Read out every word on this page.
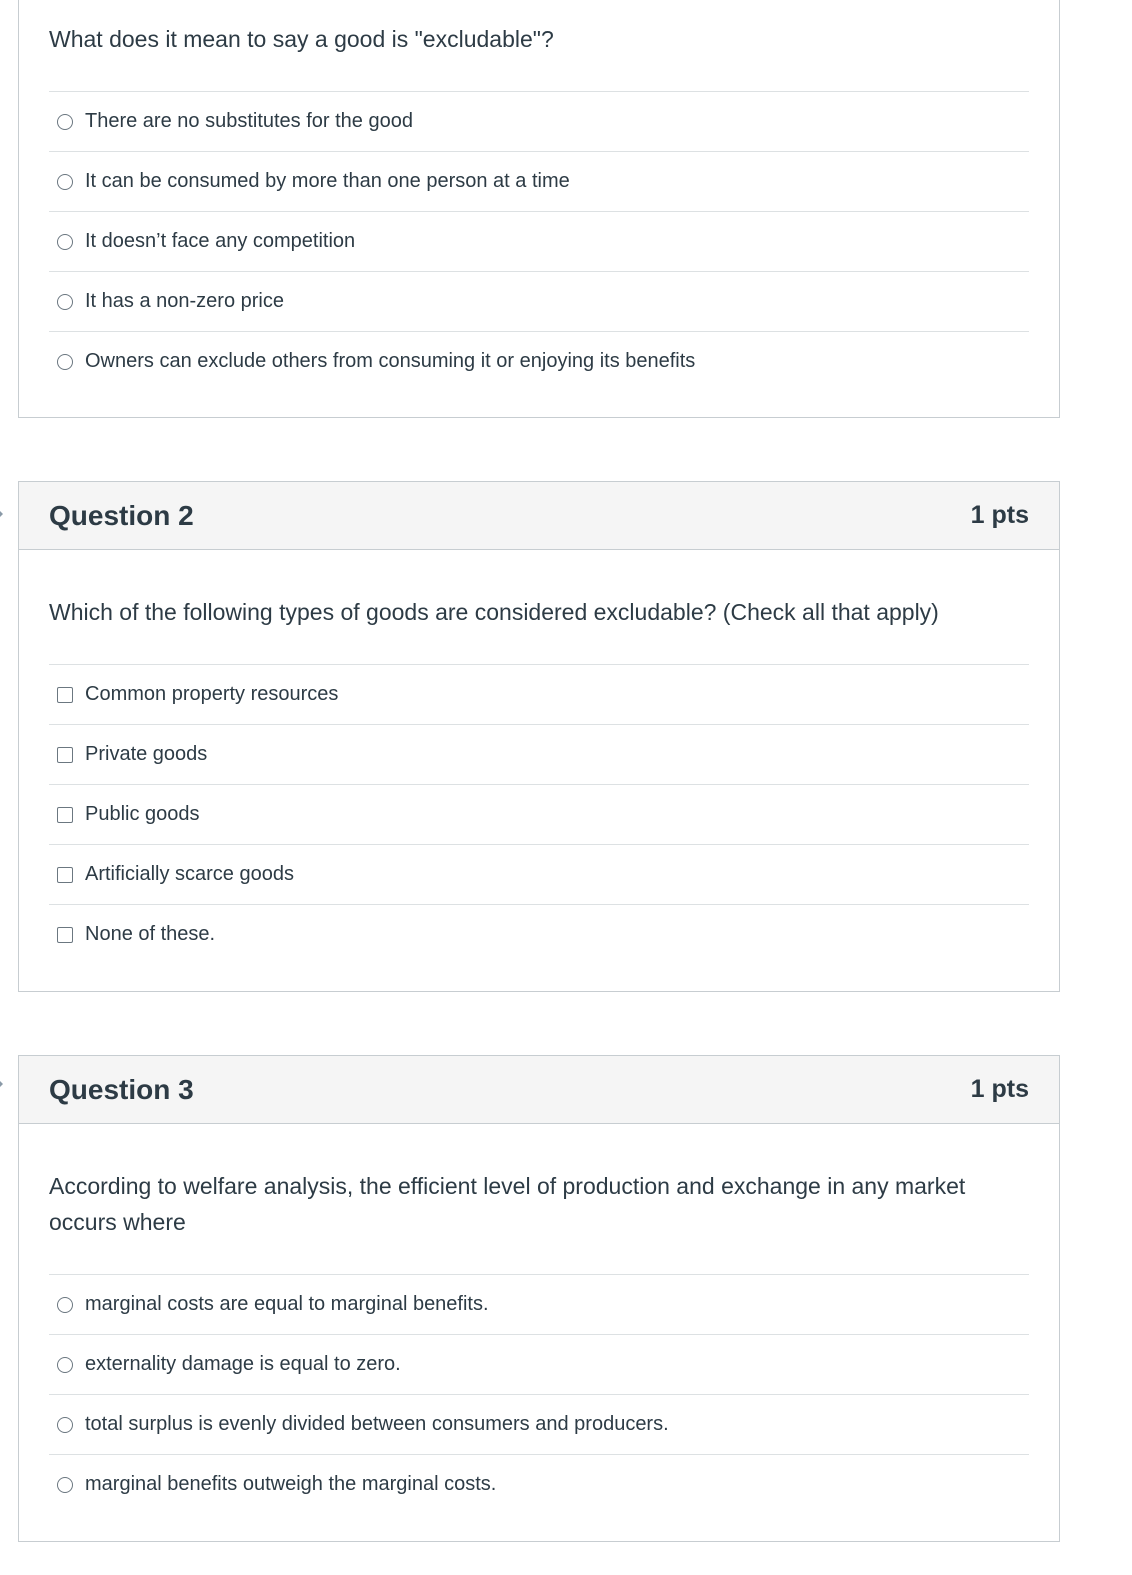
What does it mean to say a good is "excludable"?
There are no substitutes for the good
It can be consumed by more than one person at a time
It doesn’t face any competition
It has a non-zero price
Owners can exclude others from consuming it or enjoying its benefits
Question 2	1 pts
Which of the following types of goods are considered excludable? (Check all that apply)
Common property resources
Private goods
Public goods
Artificially scarce goods
None of these.
Question 3	1 pts
According to welfare analysis, the efficient level of production and exchange in any market occurs where
marginal costs are equal to marginal benefits.
externality damage is equal to zero.
total surplus is evenly divided between consumers and producers.
marginal benefits outweigh the marginal costs.
